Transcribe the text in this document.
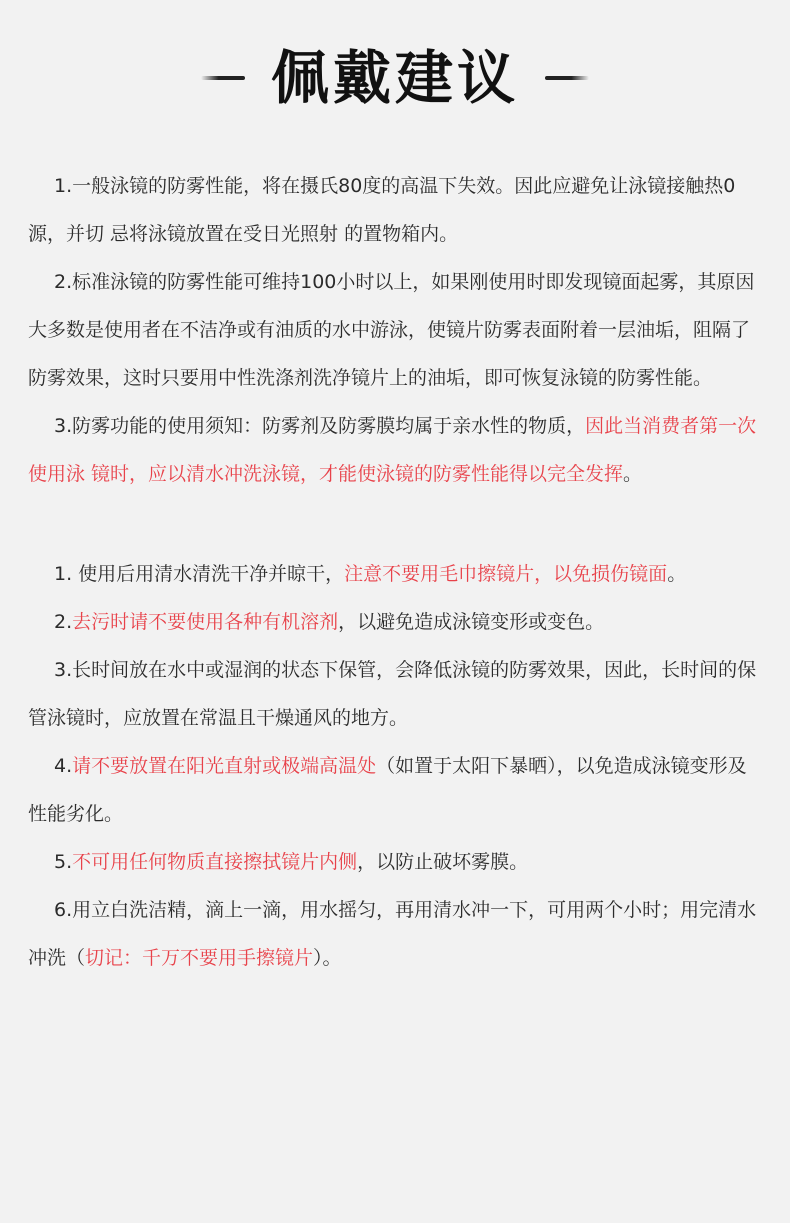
佩戴建议

1.一般泳镜的防雾性能，将在摄氏80度的高温下失效。因此应避免让泳镜接触热0源，并切 忌将泳镜放置在受日光照射 的置物箱内。

2.标准泳镜的防雾性能可维持100小时以上，如果刚使用时即发现镜面起雾，其原因大多数是使用者在不洁净或有油质的水中游泳，使镜片防雾表面附着一层油垢，阻隔了防雾效果，这时只要用中性洗涤剂洗净镜片上的油垢，即可恢复泳镜的防雾性能。

3.防雾功能的使用须知：防雾剂及防雾膜均属于亲水性的物质，因此当消费者第一次使用泳 镜时，应以清水冲洗泳镜，才能使泳镜的防雾性能得以完全发挥。

1. 使用后用清水清洗干净并晾干，注意不要用毛巾擦镜片，以免损伤镜面。

2.去污时请不要使用各种有机溶剂，以避免造成泳镜变形或变色。

3.长时间放在水中或湿润的状态下保管，会降低泳镜的防雾效果，因此，长时间的保管泳镜时，应放置在常温且干燥通风的地方。

4.请不要放置在阳光直射或极端高温处（如置于太阳下暴晒），以免造成泳镜变形及性能劣化。

5.不可用任何物质直接擦拭镜片内侧，以防止破坏雾膜。

6.用立白洗洁精，滴上一滴，用水摇匀，再用清水冲一下，可用两个小时；用完清水冲洗（切记：千万不要用手擦镜片）。
